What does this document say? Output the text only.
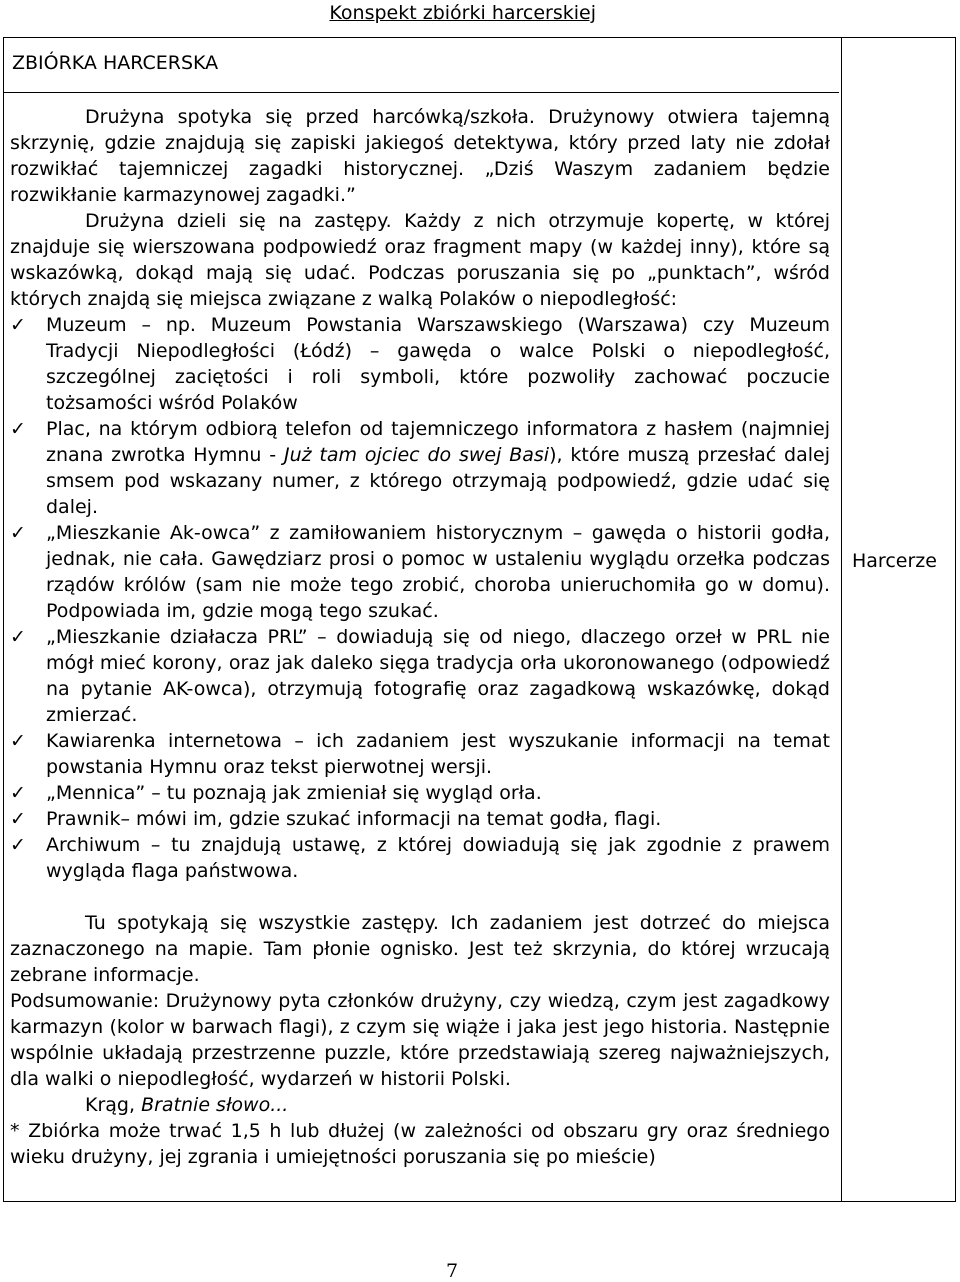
Konspekt zbiórki harcerskiej
ZBIÓRKA HARCERSKA
Harcerze

Drużyna spotyka się przed harcówką/szkoła. Drużynowy otwiera tajemną skrzynię, gdzie znajdują się zapiski jakiegoś detektywa, który przed laty nie zdołał rozwikłać tajemniczej zagadki historycznej. „Dziś Waszym zadaniem będzie rozwikłanie karmazynowej zagadki.”

Drużyna dzieli się na zastępy. Każdy z nich otrzymuje kopertę, w której znajduje się wierszowana podpowiedź oraz fragment mapy (w każdej inny), które są wskazówką, dokąd mają się udać. Podczas poruszania się po „punktach”, wśród których znajdą się miejsca związane z walką Polaków o niepodległość:

✓ Muzeum – np. Muzeum Powstania Warszawskiego (Warszawa) czy Muzeum Tradycji Niepodległości (Łódź) – gawęda o walce Polski o niepodległość, szczególnej zaciętości i roli symboli, które pozwoliły zachować poczucie tożsamości wśród Polaków
✓ Plac, na którym odbiorą telefon od tajemniczego informatora z hasłem (najmniej znana zwrotka Hymnu - Już tam ojciec do swej Basi), które muszą przesłać dalej smsem pod wskazany numer, z którego otrzymają podpowiedź, gdzie udać się dalej.
✓ „Mieszkanie Ak-owca” z zamiłowaniem historycznym – gawęda o historii godła, jednak, nie cała. Gawędziarz prosi o pomoc w ustaleniu wyglądu orzełka podczas rządów królów (sam nie może tego zrobić, choroba unieruchomiła go w domu). Podpowiada im, gdzie mogą tego szukać.
✓ „Mieszkanie działacza PRL” – dowiadują się od niego, dlaczego orzeł w PRL nie mógł mieć korony, oraz jak daleko sięga tradycja orła ukoronowanego (odpowiedź na pytanie AK-owca), otrzymują fotografię oraz zagadkową wskazówkę, dokąd zmierzać.
✓ Kawiarenka internetowa – ich zadaniem jest wyszukanie informacji na temat powstania Hymnu oraz tekst pierwotnej wersji.
✓ „Mennica” – tu poznają jak zmieniał się wygląd orła.
✓ Prawnik– mówi im, gdzie szukać informacji na temat godła, flagi.
✓ Archiwum – tu znajdują ustawę, z której dowiadują się jak zgodnie z prawem wygląda flaga państwowa.

Tu spotykają się wszystkie zastępy. Ich zadaniem jest dotrzeć do miejsca zaznaczonego na mapie. Tam płonie ognisko. Jest też skrzynia, do której wrzucają zebrane informacje.

Podsumowanie: Drużynowy pyta członków drużyny, czy wiedzą, czym jest zagadkowy karmazyn (kolor w barwach flagi), z czym się wiąże i jaka jest jego historia. Następnie wspólnie układają przestrzenne puzzle, które przedstawiają szereg najważniejszych, dla walki o niepodległość, wydarzeń w historii Polski.

Krąg, Bratnie słowo...

* Zbiórka może trwać 1,5 h lub dłużej (w zależności od obszaru gry oraz średniego wieku drużyny, jej zgrania i umiejętności poruszania się po mieście)

7
